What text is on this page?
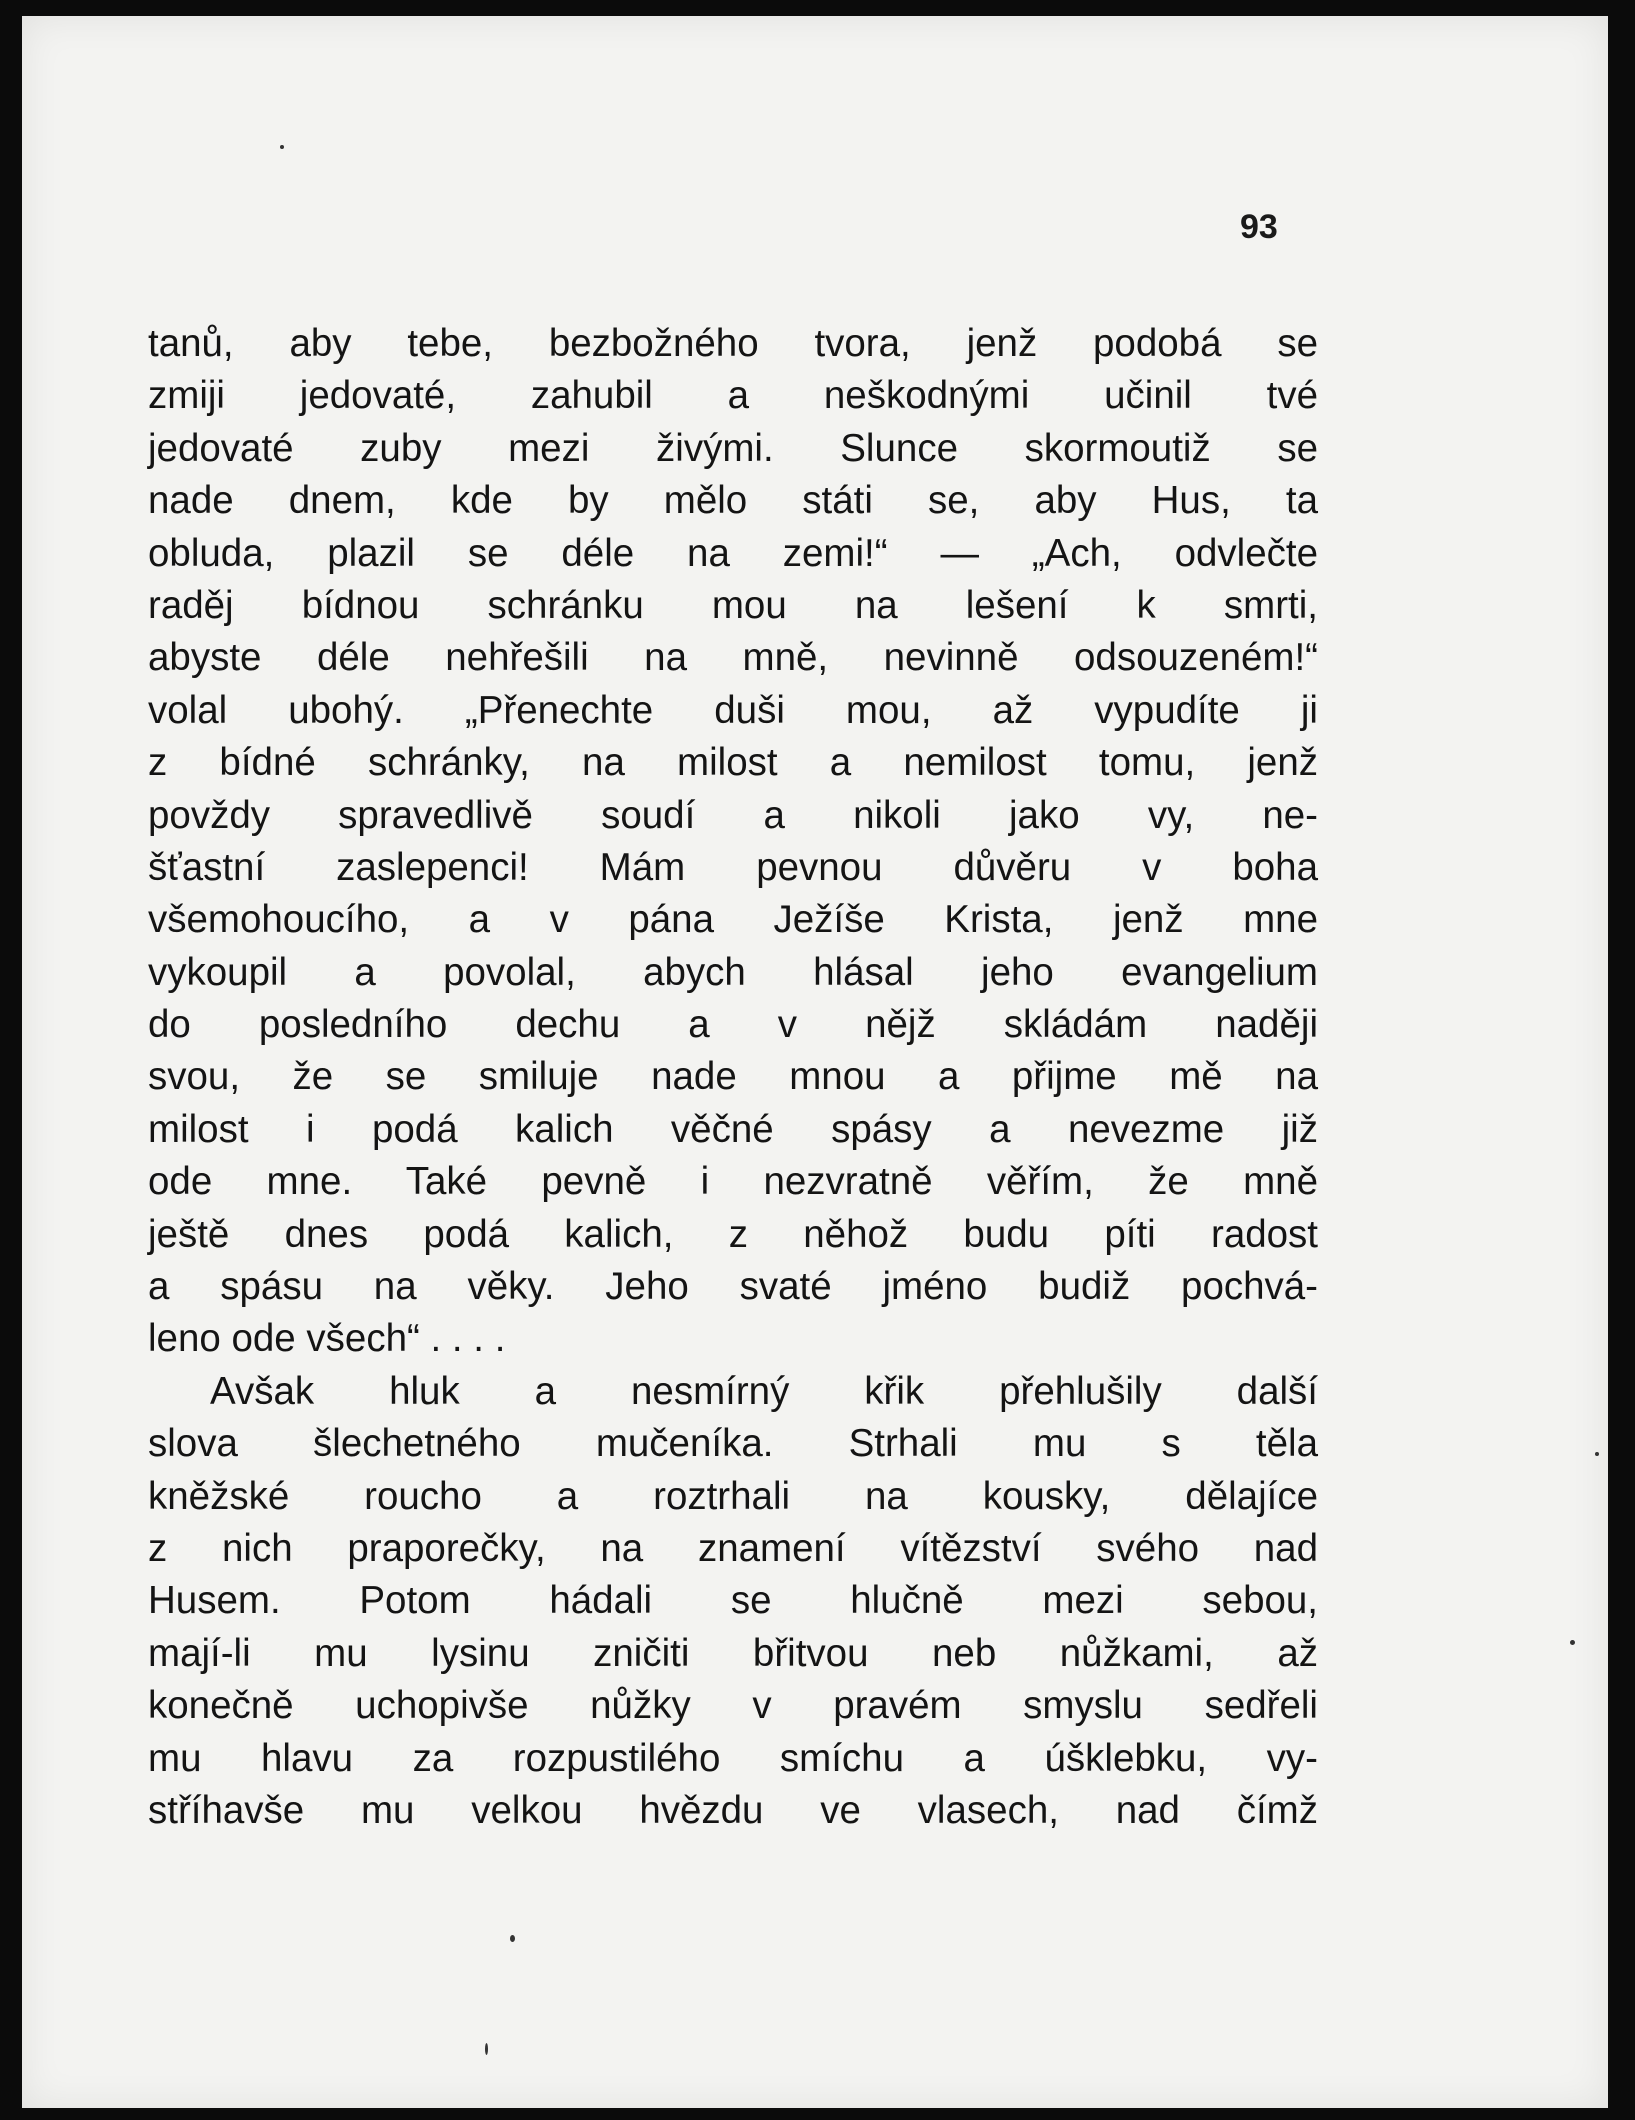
93
tanů, aby tebe, bezbožného tvora, jenž podobá se
zmiji jedovaté, zahubil a neškodnými učinil tvé
jedovaté zuby mezi živými. Slunce skormoutiž se
nade dnem, kde by mělo státi se, aby Hus, ta
obluda, plazil se déle na zemi!“ — „Ach, odvlečte
raděj bídnou schránku mou na lešení k smrti,
abyste déle nehřešili na mně, nevinně odsouzeném!“
volal ubohý. „Přenechte duši mou, až vypudíte ji
z bídné schránky, na milost a nemilost tomu, jenž
povždy spravedlivě soudí a nikoli jako vy, ne-
šťastní zaslepenci! Mám pevnou důvěru v boha
všemohoucího, a v pána Ježíše Krista, jenž mne
vykoupil a povolal, abych hlásal jeho evangelium
do posledního dechu a v nějž skládám naději
svou, že se smiluje nade mnou a přijme mě na
milost i podá kalich věčné spásy a nevezme již
ode mne. Také pevně i nezvratně věřím, že mně
ještě dnes podá kalich, z něhož budu píti radost
a spásu na věky. Jeho svaté jméno budiž pochvá-
leno ode všech“ . . . .
Avšak hluk a nesmírný křik přehlušily další
slova šlechetného mučeníka. Strhali mu s těla
kněžské roucho a roztrhali na kousky, dělajíce
z nich praporečky, na znamení vítězství svého nad
Husem. Potom hádali se hlučně mezi sebou,
mají-li mu lysinu zničiti břitvou neb nůžkami, až
konečně uchopivše nůžky v pravém smyslu sedřeli
mu hlavu za rozpustilého smíchu a úšklebku, vy-
stříhavše mu velkou hvězdu ve vlasech, nad čímž
